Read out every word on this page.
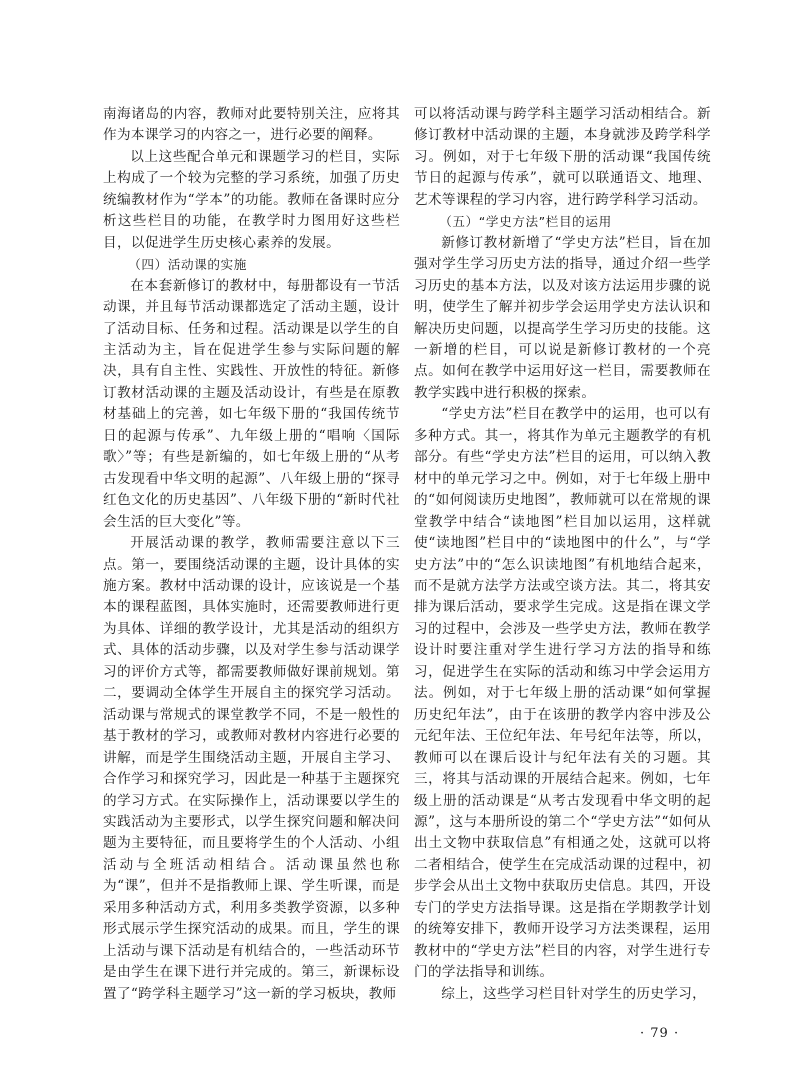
南海诸岛的内容，教师对此要特别关注，应将其作为本课学习的内容之一，进行必要的阐释。

以上这些配合单元和课题学习的栏目，实际上构成了一个较为完整的学习系统，加强了历史统编教材作为“学本”的功能。教师在备课时应分析这些栏目的功能，在教学时力图用好这些栏目，以促进学生历史核心素养的发展。

（四）活动课的实施

在本套新修订的教材中，每册都设有一节活动课，并且每节活动课都选定了活动主题，设计了活动目标、任务和过程。活动课是以学生的自主活动为主，旨在促进学生参与实际问题的解决，具有自主性、实践性、开放性的特征。新修订教材活动课的主题及活动设计，有些是在原教材基础上的完善，如七年级下册的“我国传统节日的起源与传承”、九年级上册的“唱响〈国际歌〉”等；有些是新编的，如七年级上册的“从考古发现看中华文明的起源”、八年级上册的“探寻红色文化的历史基因”、八年级下册的“新时代社会生活的巨大变化”等。

开展活动课的教学，教师需要注意以下三点。第一，要围绕活动课的主题，设计具体的实施方案。教材中活动课的设计，应该说是一个基本的课程蓝图，具体实施时，还需要教师进行更为具体、详细的教学设计，尤其是活动的组织方式、具体的活动步骤，以及对学生参与活动课学习的评价方式等，都需要教师做好课前规划。第二，要调动全体学生开展自主的探究学习活动。活动课与常规式的课堂教学不同，不是一般性的基于教材的学习，或教师对教材内容进行必要的讲解，而是学生围绕活动主题，开展自主学习、合作学习和探究学习，因此是一种基于主题探究的学习方式。在实际操作上，活动课要以学生的实践活动为主要形式，以学生探究问题和解决问题为主要特征，而且要将学生的个人活动、小组活动与全班活动相结合。活动课虽然也称为“课”，但并不是指教师上课、学生听课，而是采用多种活动方式，利用多类教学资源，以多种形式展示学生探究活动的成果。而且，学生的课上活动与课下活动是有机结合的，一些活动环节是由学生在课下进行并完成的。第三，新课标设置了“跨学科主题学习”这一新的学习板块，教师

可以将活动课与跨学科主题学习活动相结合。新修订教材中活动课的主题，本身就涉及跨学科学习。例如，对于七年级下册的活动课“我国传统节日的起源与传承”，就可以联通语文、地理、艺术等课程的学习内容，进行跨学科学习活动。

（五）“学史方法”栏目的运用

新修订教材新增了“学史方法”栏目，旨在加强对学生学习历史方法的指导，通过介绍一些学习历史的基本方法，以及对该方法运用步骤的说明，使学生了解并初步学会运用学史方法认识和解决历史问题，以提高学生学习历史的技能。这一新增的栏目，可以说是新修订教材的一个亮点。如何在教学中运用好这一栏目，需要教师在教学实践中进行积极的探索。

“学史方法”栏目在教学中的运用，也可以有多种方式。其一，将其作为单元主题教学的有机部分。有些“学史方法”栏目的运用，可以纳入教材中的单元学习之中。例如，对于七年级上册中的“如何阅读历史地图”，教师就可以在常规的课堂教学中结合“读地图”栏目加以运用，这样就使“读地图”栏目中的“读地图中的什么”，与“学史方法”中的“怎么识读地图”有机地结合起来，而不是就方法学方法或空谈方法。其二，将其安排为课后活动，要求学生完成。这是指在课文学习的过程中，会涉及一些学史方法，教师在教学设计时要注重对学生进行学习方法的指导和练习，促进学生在实际的活动和练习中学会运用方法。例如，对于七年级上册的活动课“如何掌握历史纪年法”，由于在该册的教学内容中涉及公元纪年法、王位纪年法、年号纪年法等，所以，教师可以在课后设计与纪年法有关的习题。其三，将其与活动课的开展结合起来。例如，七年级上册的活动课是“从考古发现看中华文明的起源”，这与本册所设的第二个“学史方法”“如何从出土文物中获取信息”有相通之处，这就可以将二者相结合，使学生在完成活动课的过程中，初步学会从出土文物中获取历史信息。其四，开设专门的学史方法指导课。这是指在学期教学计划的统筹安排下，教师开设学习方法类课程，运用教材中的“学史方法”栏目的内容，对学生进行专门的学法指导和训练。

综上，这些学习栏目针对学生的历史学习，

· 79 ·
